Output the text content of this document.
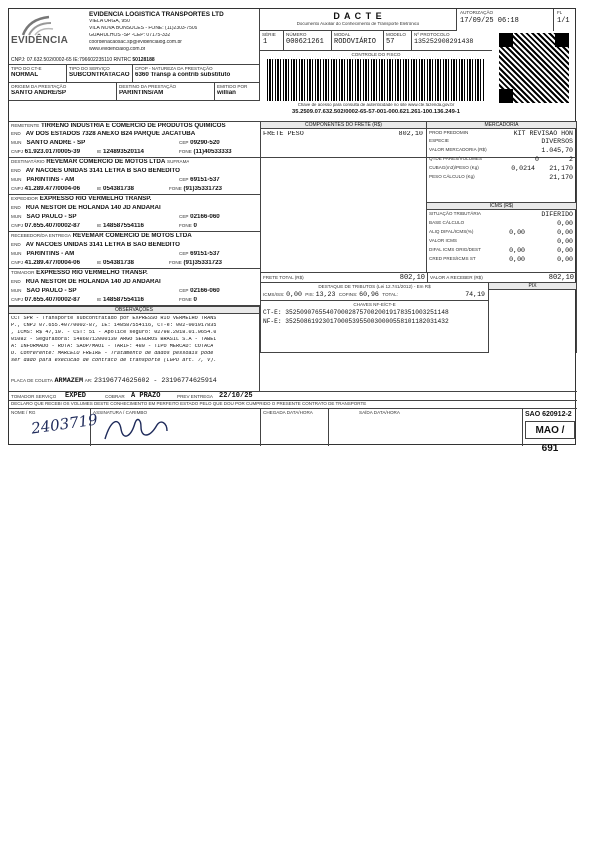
EVIDÊNCIA
EVIDENCIA LOGISTICA TRANSPORTES LTD
VIELA URGA, 950
VILA NOVA BONSUCES - FONE: (11)2303-7509
GUARULHOS -SP -CEP: 07175-332
coordenacaosac.sp@evidencialog.com.br
www.evidencialog.com.br
CNPJ: 07.632.502/0002-65 IE:796602235110 RNTRC 50128188
D A C T E
Documento Auxiliar do Conhecimento de Transporte Eletrônico
AUTORIZAÇÃO
17/09/25 06:18
FL
1/1
SÉRIE
1
NÚMERO
000621261
MODAL
RODOVIÁRIO
MODELO
57
Nº PROTOCOLO
135252908291438
CONTROLE DO FISCO
Chave de acesso para consulta de autenticidade no site www.cte.fazenda.gov.br
35.2509.07.632.502/0002-65-57-001-000.621.261-100.136.249-1
TIPO DO CT-E
NORMAL
TIPO DO SERVIÇO
SUBCONTRATACAO
CFOP - NATUREZA DA PRESTAÇÃO
6360 Transp a contrib substituto
ORIGEM DA PRESTAÇÃO
SANTO ANDRE/SP
DESTINO DA PRESTAÇÃO
PARINTINS/AM
EMITIDO POR
willian
REMETENTE TIRRENO INDUSTRIA E COMERCIO DE PRODUTOS QUIMICOS
END AV DOS ESTADOS 7328 ANEXO B24 PARQUE JACATUBA
MUN SANTO ANDRE - SP	CEP 09290-520
CNPJ 61.923.017/0005-39	IE 124893520114	FONE (11)40533333
COMPONENTES DO FRETE (R$)
FRETE PESO	802,10
MERCADORIA
PROD PREDOMIN	KIT REVISAO HON
ESPECIE	DIVERSOS
VALOR MERCADORIA (R$)	1.045,70
QTDE PARES/VOLUMES	0	2
CUBAG(m3)/PESO (Kg)	0,0214 21,170
PESO CÁLCULO (Kg)	21,170
ICMS (R$)
SITUAÇÃO TRIBUTÁRIA	DIFERIDO
BASE CÁLCULO	0,00
ALIQ DIFAL/ICMS(%)	0,00	0,00
VALOR ICMS	0,00
DIFAL ICMS ORIG/DEST	0,00	0,00
CRED PRES/ICMS ST	0,00	0,00
DESTINATÁRIO REVEMAR COMERCIO DE MOTOS LTDA SUFRAMA
END AV NACOES UNIDAS 3141 LETRA B SAO BENEDITO
MUN PARINTINS - AM	CEP 69151-537
CNPJ 41.289.477/0004-06	IE 054381738	FONE (91)35331723
EXPEDIDOR EXPRESSO RIO VERMELHO TRANSP.
END RUA NESTOR DE HOLANDA 140 JD ANDARAI
MUN SAO PAULO - SP	CEP 02166-060
CNPJ 07.655.407/0002-87	IE 148587554116	FONE 0
RECEBEDOR/DA ENTREGA REVEMAR COMERCIO DE MOTOS LTDA
END AV NACOES UNIDAS 3141 LETRA B SAO BENEDITO
MUN PARINTINS - AM	CEP 69151-537
CNPJ 41.289.477/0004-06	IE 054381738	FONE (91)35331723
TOMADOR EXPRESSO RIO VERMELHO TRANSP.
END RUA NESTOR DE HOLANDA 140 JD ANDARAI
MUN SAO PAULO - SP	CEP 02166-060
CNPJ 07.655.407/0002-87	IE 148587554116	FONE 0
FRETE TOTAL (R$)	802,10 VALOR A RECEBER (R$)	802,10
DESTAQUE DE TRIBUTOS (Lei 12.741/2012) - Em R$
ICMS/ISS: 0,00 PIS: 13,23 COFINS: 60,96 TOTAL:	74,19
PIX
CHAVES NF-E/CT-E
CT-E: 35250907655407000287570020019178351003251148
NF-E: 35250861923017000539550030000558101182031432
OBSERVAÇÕES
CCT SPR - Transporte subcontratado por EXPRESSO RIO VERMELHO TRANS
P., CNPJ 07.655.407/0002-87, IE: 148587554116, CT-e: 002-001917835
, ICMS: R$ 47,19. - CST: 51 - Apolice seguro: 02798.2018.01.0654.0
01082 - Seguradora: 14868712000130 ARGO SEGUROS BRASIL S.A - TABEL
A: INFORMADO - ROTA: SAOP/MAOI - TARIF: 480 - TIPO MERCAD: COTACA
O. Conferente: MARCELO FREIRE - Tratamento de dados pessoais pode
ser dado para execucao de contrato de transporte (LGPD art. 7, V).
PLACA DE COLETA ARMAZEM AR: 23196774625602 - 23196774625914
TOMADOR SERVIÇO EXPED	COBRAR A PRAZO	PREV ENTREGA 22/10/25
DECLARO QUE RECEBI OS VOLUMES DESTE CONHECIMENTO EM PERFEITO ESTADO PELO QUE DOU POR CUMPRIDO O PRESENTE CONTRATO DE TRANSPORTE
NOME / RG
2403719
ASSINATURA / CARIMBO	CHEGADA DATA/HORA	SAÍDA DATA/HORA	SAO 620912-2
MAO / 691
